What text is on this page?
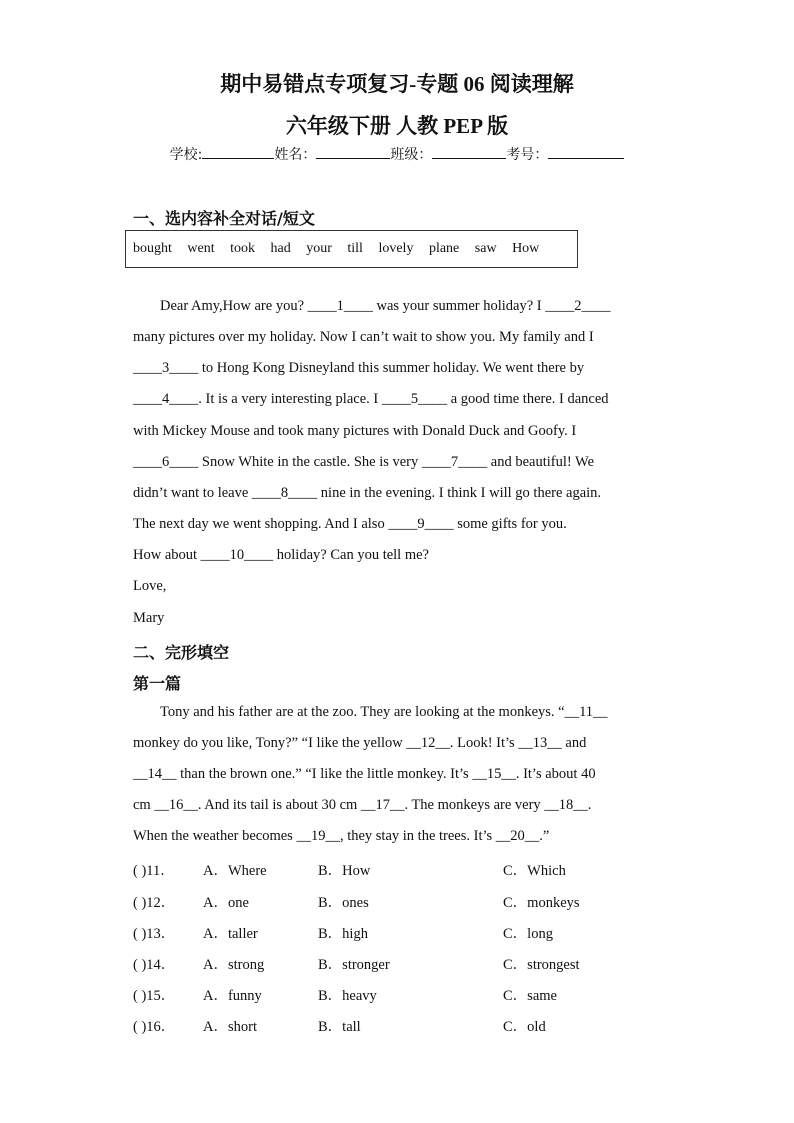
期中易错点专项复习-专题 06 阅读理解
六年级下册 人教 PEP 版
学校:	姓名：	班级：	考号：
一、选内容补全对话/短文
bought went took had your till lovely plane saw How
Dear Amy,How are you? ____1____ was your summer holiday? I ____2____
many pictures over my holiday. Now I can’t wait to show you. My family and I
____3____ to Hong Kong Disneyland this summer holiday. We went there by
____4____. It is a very interesting place. I ____5____ a good time there. I danced
with Mickey Mouse and took many pictures with Donald Duck and Goofy. I
____6____ Snow White in the castle. She is very ____7____ and beautiful! We
didn’t want to leave ____8____ nine in the evening. I think I will go there again.
The next day we went shopping. And I also ____9____ some gifts for you.
How about ____10____ holiday? Can you tell me?
Love,
Mary
二、完形填空
第一篇
Tony and his father are at the zoo. They are looking at the monkeys. “__11__
monkey do you like, Tony?” “I like the yellow __12__. Look! It’s __13__ and
__14__ than the brown one.” “I like the little monkey. It’s __15__. It’s about 40
cm __16__. And its tail is about 30 cm __17__. The monkeys are very __18__.
When the weather becomes __19__, they stay in the trees. It’s __20__.”
( )11． A．Where	B．How	C．Which
( )12． A．one	B．ones	C．monkeys
( )13． A．taller	B．high	C．long
( )14． A．strong	B．stronger	C．strongest
( )15． A．funny	B．heavy	C．same
( )16． A．short	B．tall	C．old
